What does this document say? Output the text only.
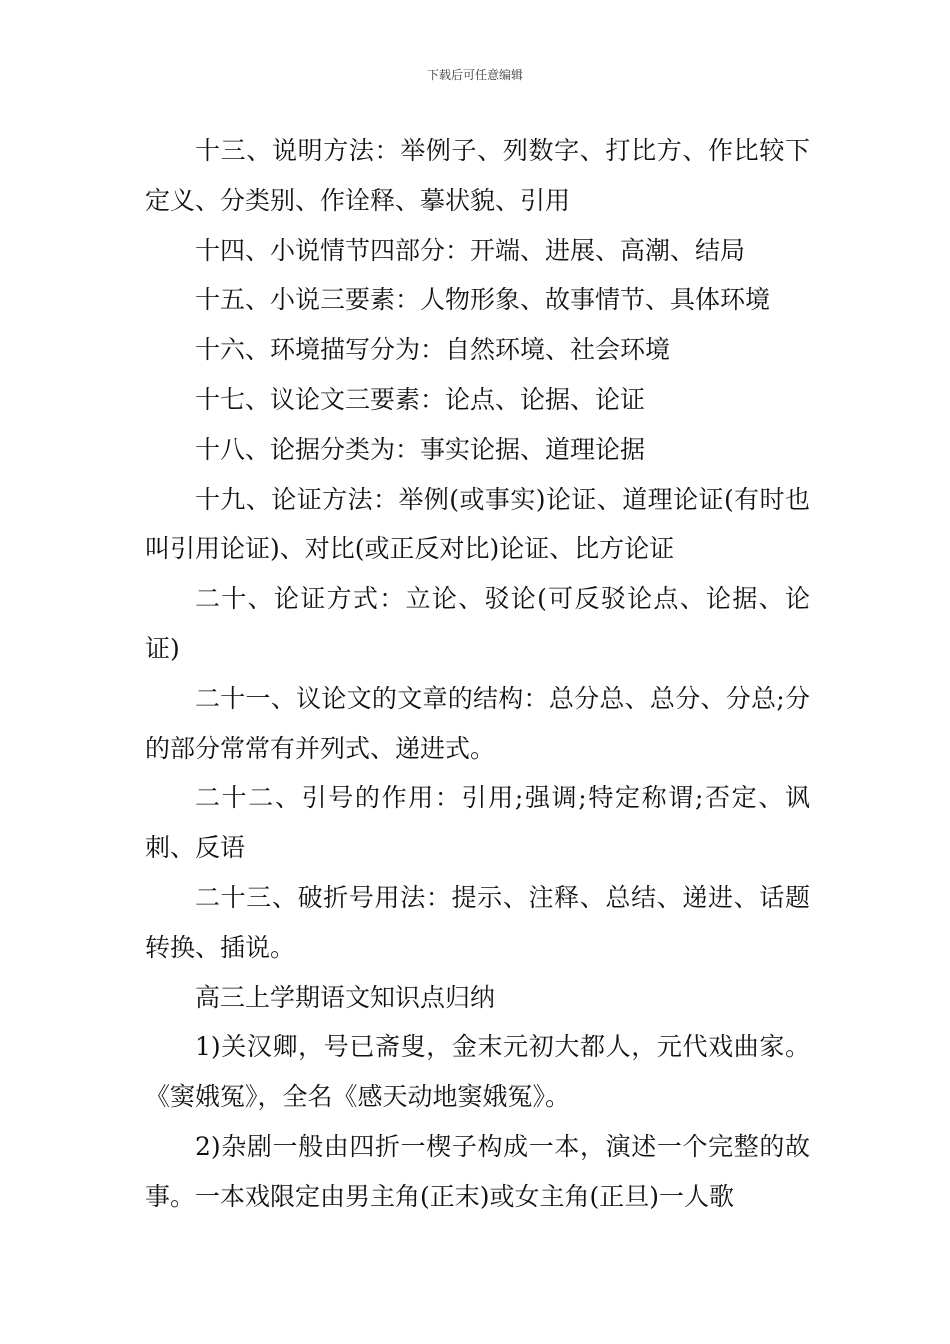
下载后可任意编辑

十三、说明方法：举例子、列数字、打比方、作比较下定义、分类别、作诠释、摹状貌、引用

十四、小说情节四部分：开端、进展、高潮、结局

十五、小说三要素：人物形象、故事情节、具体环境

十六、环境描写分为：自然环境、社会环境

十七、议论文三要素：论点、论据、论证

十八、论据分类为：事实论据、道理论据

十九、论证方法：举例(或事实)论证、道理论证(有时也叫引用论证)、对比(或正反对比)论证、比方论证

二十、论证方式：立论、驳论(可反驳论点、论据、论证)

二十一、议论文的文章的结构：总分总、总分、分总;分的部分常常有并列式、递进式。

二十二、引号的作用：引用;强调;特定称谓;否定、讽刺、反语

二十三、破折号用法：提示、注释、总结、递进、话题转换、插说。

高三上学期语文知识点归纳

1)关汉卿，号已斋叟，金末元初大都人，元代戏曲家。《窦娥冤》，全名《感天动地窦娥冤》。

2)杂剧一般由四折一楔子构成一本，演述一个完整的故事。一本戏限定由男主角(正末)或女主角(正旦)一人歌
